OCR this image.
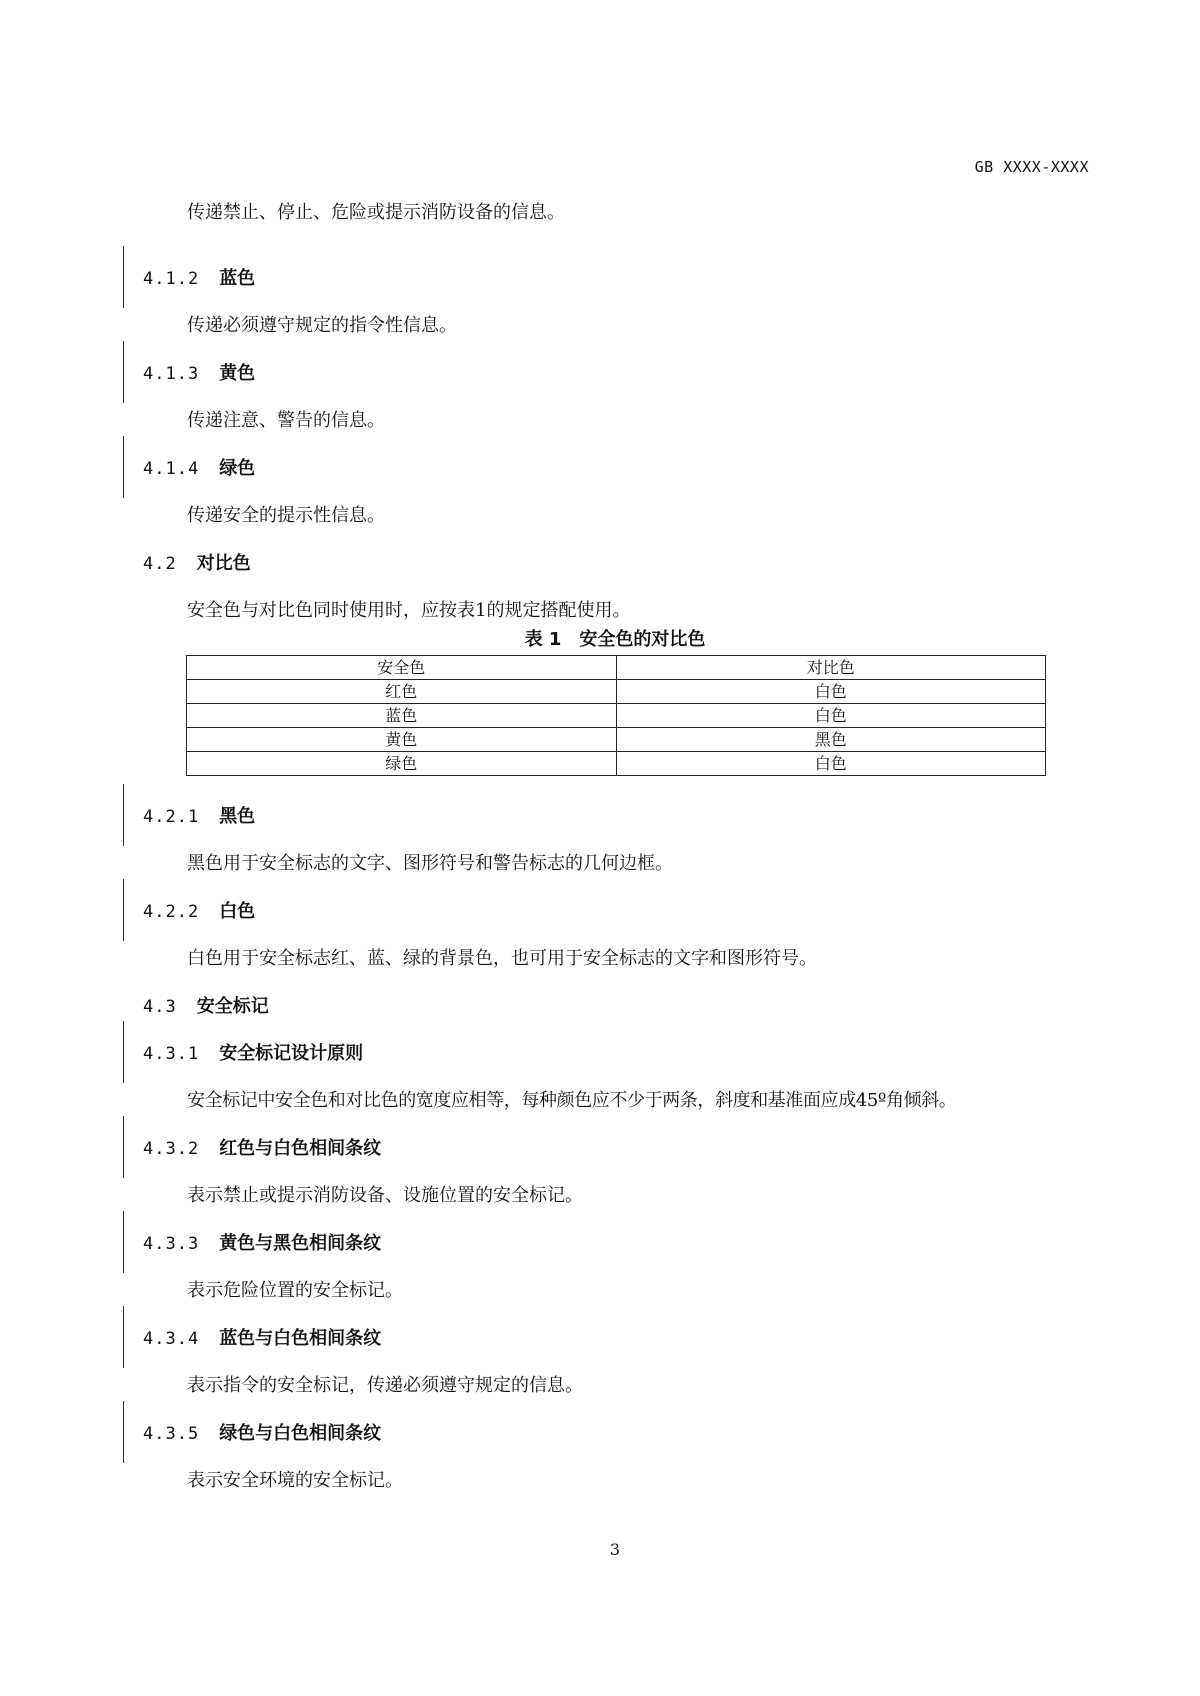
GB XXXX-XXXX
传递禁止、停止、危险或提示消防设备的信息。
4.1.2 蓝色
传递必须遵守规定的指令性信息。
4.1.3 黄色
传递注意、警告的信息。
4.1.4 绿色
传递安全的提示性信息。
4.2 对比色
安全色与对比色同时使用时，应按表1的规定搭配使用。
表 1 安全色的对比色
安全色	对比色
红色	白色
蓝色	白色
黄色	黑色
绿色	白色
4.2.1 黑色
黑色用于安全标志的文字、图形符号和警告标志的几何边框。
4.2.2 白色
白色用于安全标志红、蓝、绿的背景色，也可用于安全标志的文字和图形符号。
4.3 安全标记
4.3.1 安全标记设计原则
安全标记中安全色和对比色的宽度应相等，每种颜色应不少于两条，斜度和基准面应成45º角倾斜。
4.3.2 红色与白色相间条纹
表示禁止或提示消防设备、设施位置的安全标记。
4.3.3 黄色与黑色相间条纹
表示危险位置的安全标记。
4.3.4 蓝色与白色相间条纹
表示指令的安全标记，传递必须遵守规定的信息。
4.3.5 绿色与白色相间条纹
表示安全环境的安全标记。
3
